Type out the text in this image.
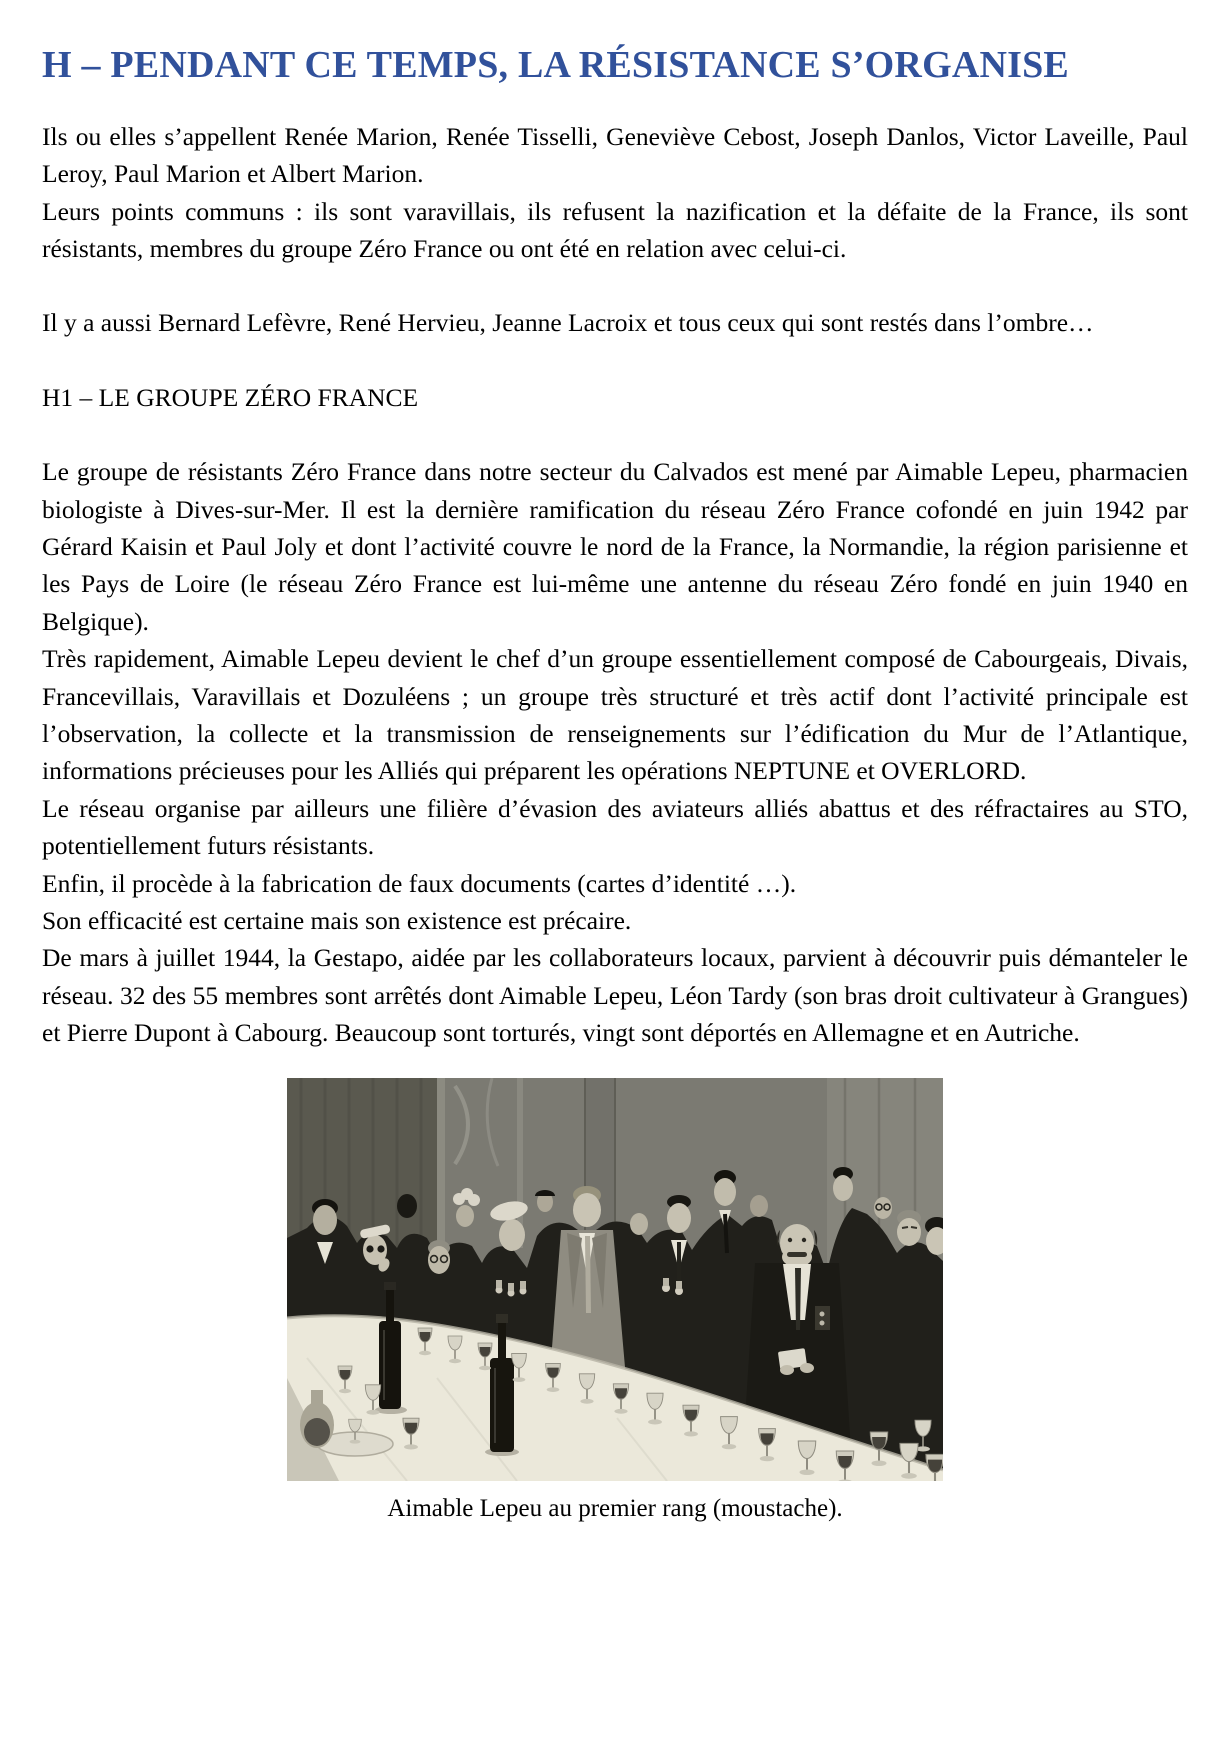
H – PENDANT CE TEMPS, LA RÉSISTANCE S’ORGANISE

Ils ou elles s’appellent Renée Marion, Renée Tisselli, Geneviève Cebost, Joseph Danlos, Victor Laveille, Paul Leroy, Paul Marion et Albert Marion.

Leurs points communs : ils sont varavillais, ils refusent la nazification et la défaite de la France, ils sont résistants, membres du groupe Zéro France ou ont été en relation avec celui-ci.

Il y a aussi Bernard Lefèvre, René Hervieu, Jeanne Lacroix et tous ceux qui sont restés dans l’ombre…

H1 – LE GROUPE ZÉRO FRANCE

Le groupe de résistants Zéro France dans notre secteur du Calvados est mené par Aimable Lepeu, pharmacien biologiste à Dives-sur-Mer. Il est la dernière ramification du réseau Zéro France cofondé en juin 1942 par Gérard Kaisin et Paul Joly et dont l’activité couvre le nord de la France, la Normandie, la région parisienne et les Pays de Loire (le réseau Zéro France est lui-même une antenne du réseau Zéro fondé en juin 1940 en Belgique).

Très rapidement, Aimable Lepeu devient le chef d’un groupe essentiellement composé de Cabourgeais, Divais, Francevillais, Varavillais et Dozuléens ; un groupe très structuré et très actif dont l’activité principale est l’observation, la collecte et la transmission de renseignements sur l’édification du Mur de l’Atlantique, informations précieuses pour les Alliés qui préparent les opérations NEPTUNE et OVERLORD.

Le réseau organise par ailleurs une filière d’évasion des aviateurs alliés abattus et des réfractaires au STO, potentiellement futurs résistants.

Enfin, il procède à la fabrication de faux documents (cartes d’identité …).

Son efficacité est certaine mais son existence est précaire.

De mars à juillet 1944, la Gestapo, aidée par les collaborateurs locaux, parvient à découvrir puis démanteler le réseau. 32 des 55 membres sont arrêtés dont Aimable Lepeu, Léon Tardy (son bras droit cultivateur à Grangues) et Pierre Dupont à Cabourg. Beaucoup sont torturés, vingt sont déportés en Allemagne et en Autriche.

Aimable Lepeu au premier rang (moustache).
